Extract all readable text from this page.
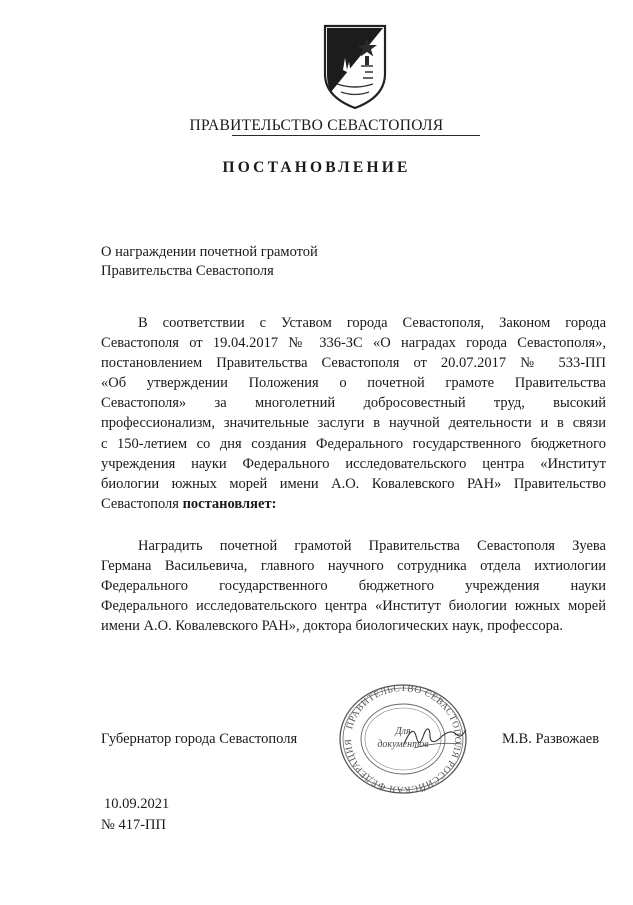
ПРАВИТЕЛЬСТВО СЕВАСТОПОЛЯ
ПОСТАНОВЛЕНИЕ
О награждении почетной грамотой
Правительства Севастополя
В соответствии с Уставом города Севастополя, Законом города
Севастополя от 19.04.2017 № 336-ЗС «О наградах города Севастополя»,
постановлением Правительства Севастополя от 20.07.2017 № 533-ПП
«Об утверждении Положения о почетной грамоте Правительства
Севастополя» за многолетний добросовестный труд, высокий
профессионализм, значительные заслуги в научной деятельности и в связи
с 150-летием со дня создания Федерального государственного бюджетного
учреждения науки Федерального исследовательского центра «Институт
биологии южных морей имени А.О. Ковалевского РАН» Правительство
Севастополя постановляет:
Наградить почетной грамотой Правительства Севастополя Зуева
Германа Васильевича, главного научного сотрудника отдела ихтиологии
Федерального государственного бюджетного учреждения науки
Федерального исследовательского центра «Институт биологии южных морей
имени А.О. Ковалевского РАН», доктора биологических наук, профессора.
Губернатор города Севастополя
ПРАВИТЕЛЬСТВО СЕВАСТОПОЛЯ РОССИЙСКАЯ ФЕДЕРАЦИЯ
Для
документов	М.В. Развожаев
10.09.2021
№ 417-ПП
